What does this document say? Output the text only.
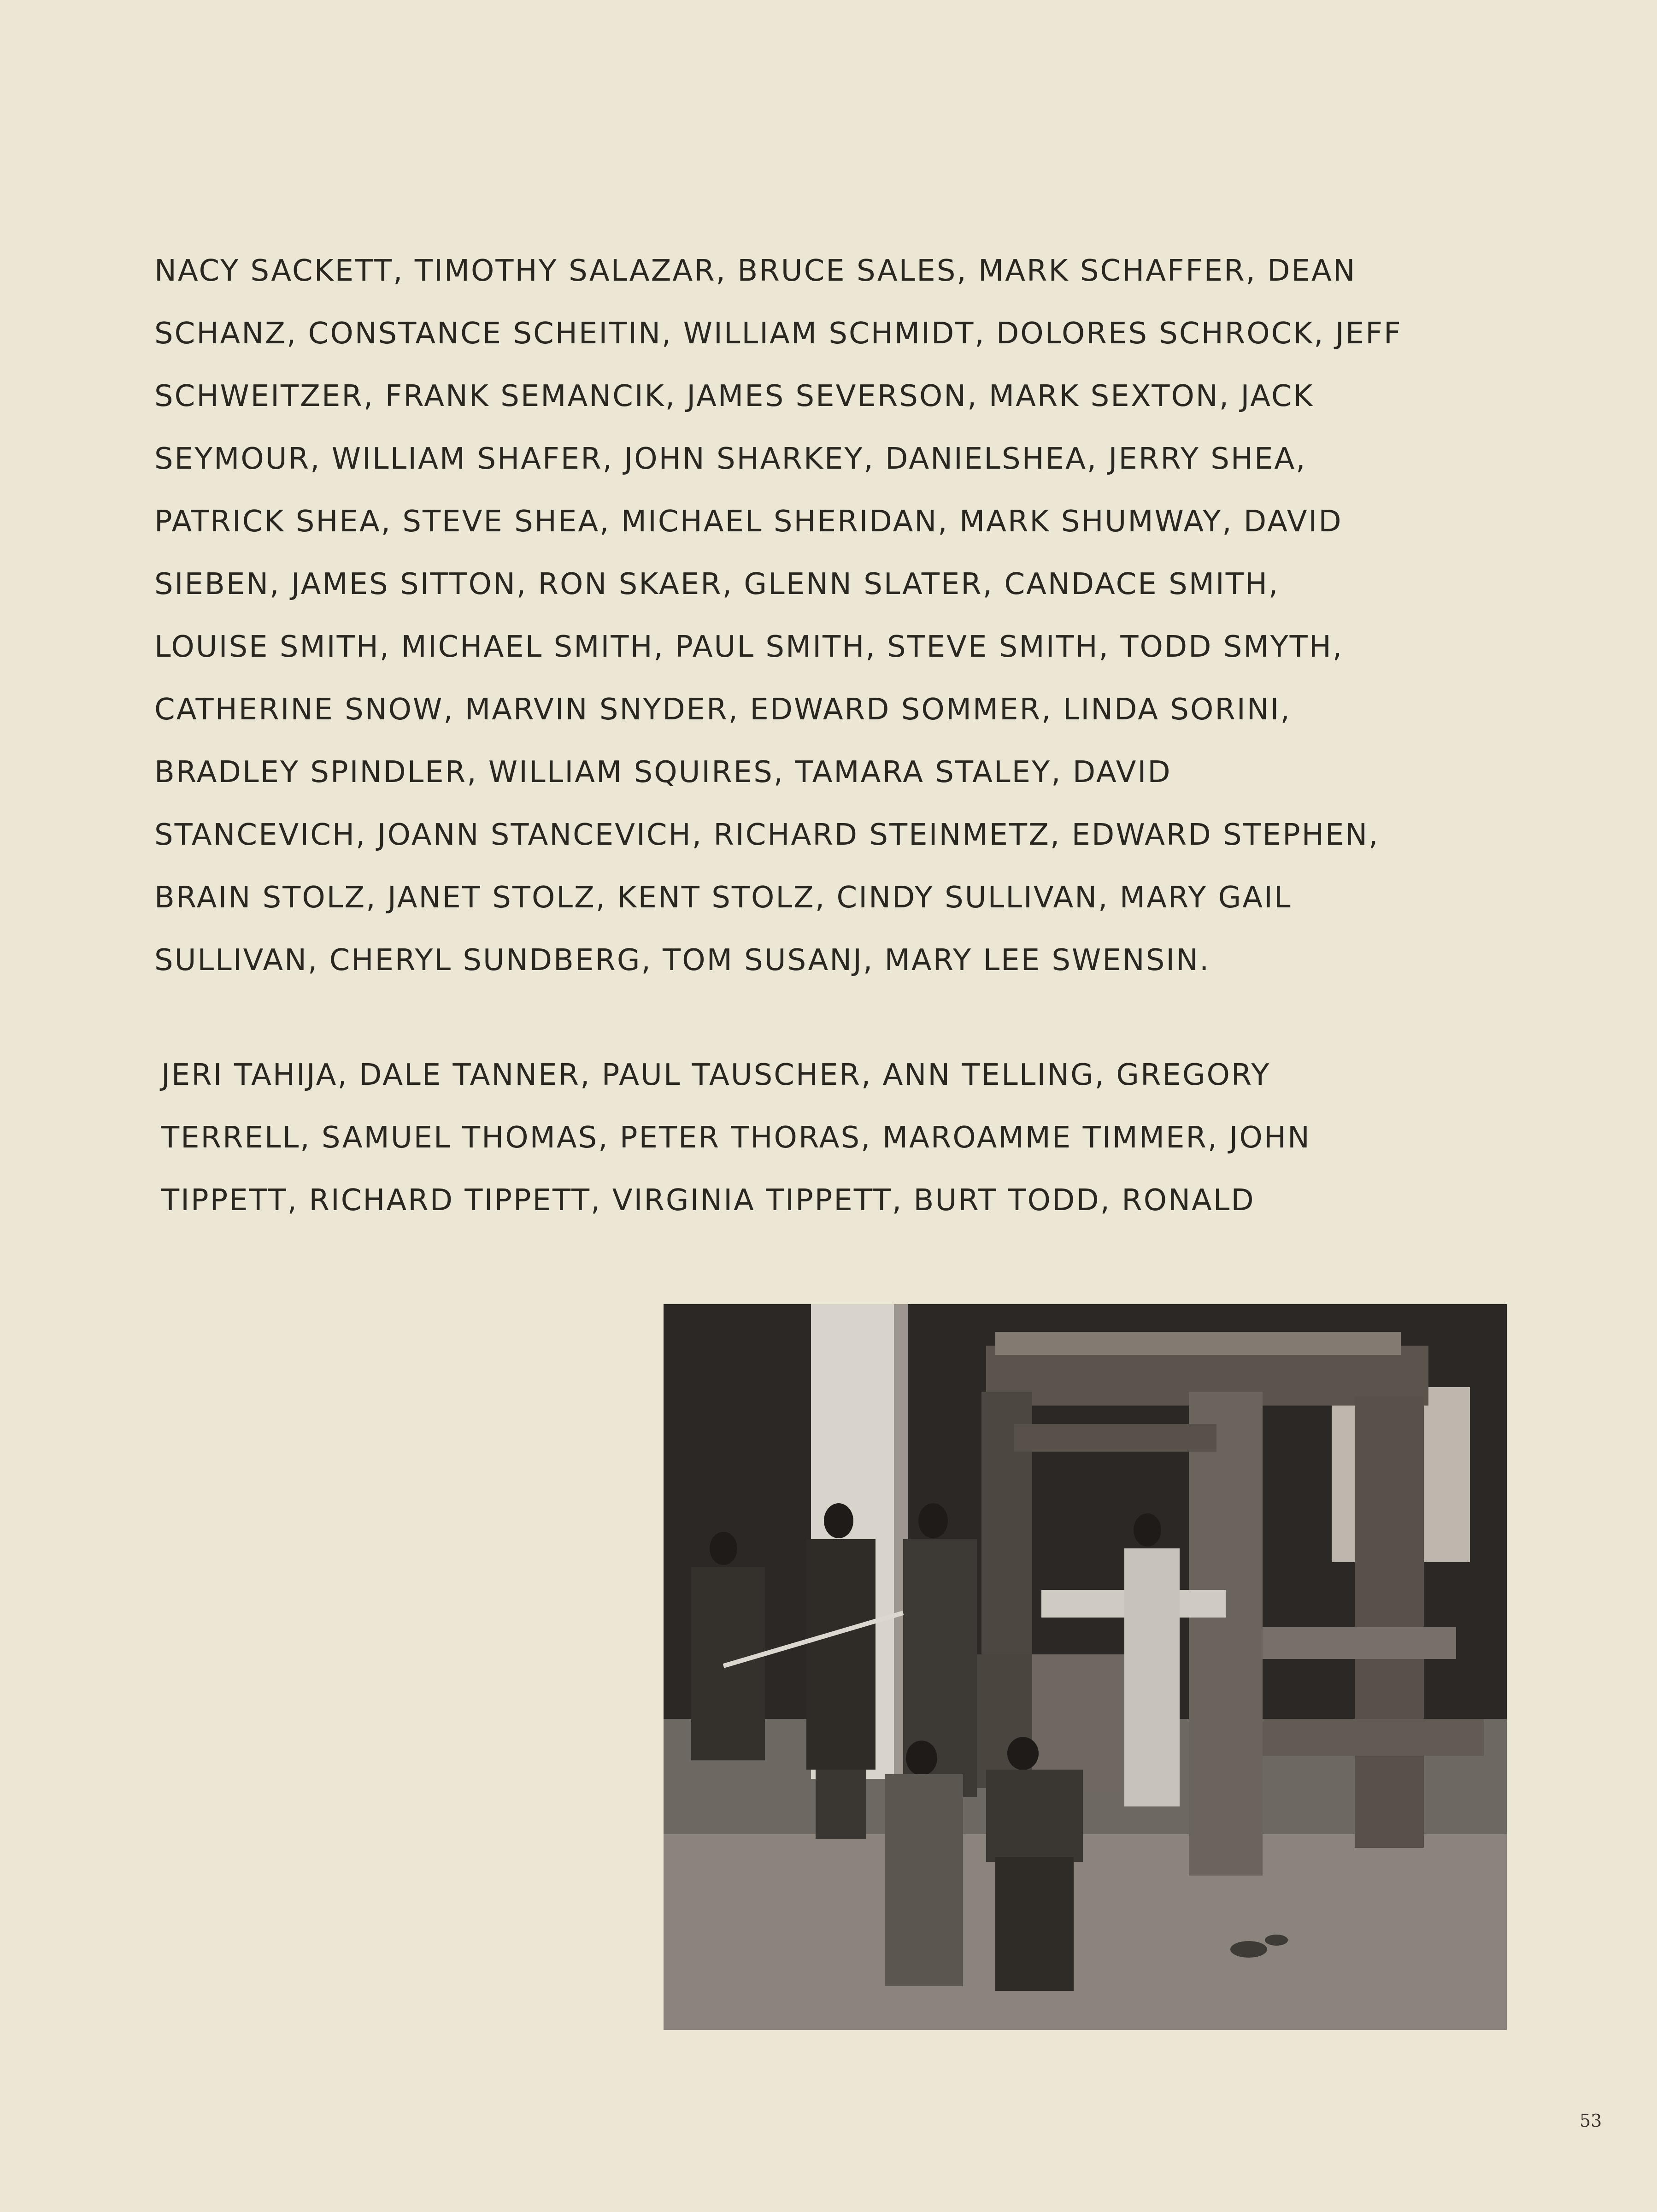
NACY SACKETT, TIMOTHY SALAZAR, BRUCE SALES, MARK SCHAFFER, DEAN
SCHANZ, CONSTANCE SCHEITIN, WILLIAM SCHMIDT, DOLORES SCHROCK, JEFF
SCHWEITZER, FRANK SEMANCIK, JAMES SEVERSON, MARK SEXTON, JACK
SEYMOUR, WILLIAM SHAFER, JOHN SHARKEY, DANIELSHEA, JERRY SHEA,
PATRICK SHEA, STEVE SHEA, MICHAEL SHERIDAN, MARK SHUMWAY, DAVID
SIEBEN, JAMES SITTON, RON SKAER, GLENN SLATER, CANDACE SMITH,
LOUISE SMITH, MICHAEL SMITH, PAUL SMITH, STEVE SMITH, TODD SMYTH,
CATHERINE SNOW, MARVIN SNYDER, EDWARD SOMMER, LINDA SORINI,
BRADLEY SPINDLER, WILLIAM SQUIRES, TAMARA STALEY, DAVID
STANCEVICH, JOANN STANCEVICH, RICHARD STEINMETZ, EDWARD STEPHEN,
BRAIN STOLZ, JANET STOLZ, KENT STOLZ, CINDY SULLIVAN, MARY GAIL
SULLIVAN, CHERYL SUNDBERG, TOM SUSANJ, MARY LEE SWENSIN.
JERI TAHIJA, DALE TANNER, PAUL TAUSCHER, ANN TELLING, GREGORY
TERRELL, SAMUEL THOMAS, PETER THORAS, MAROAMME TIMMER, JOHN
TIPPETT, RICHARD TIPPETT, VIRGINIA TIPPETT, BURT TODD, RONALD
53
